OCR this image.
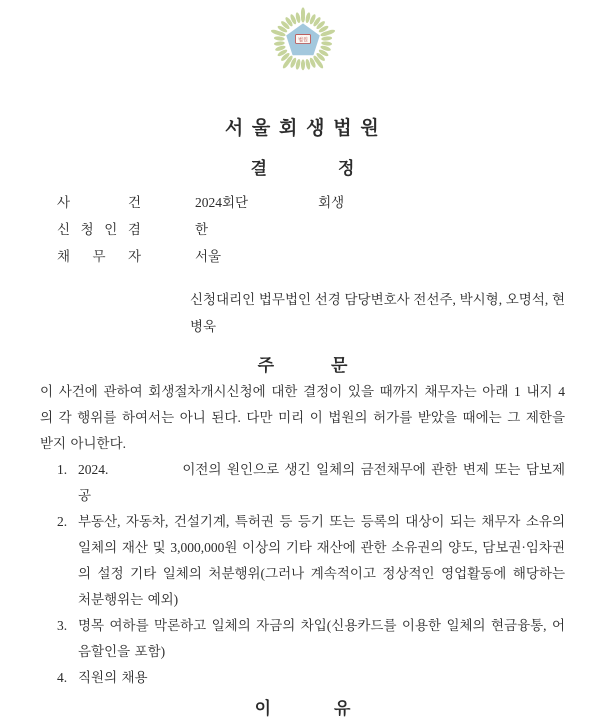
법원
서 울 회 생 법 원
결	정
사	건	2024회단	회생
신 청 인 겸	한
채 무 자	서울

신청대리인 법무법인 선경 담당변호사 전선주, 박시형, 오명석, 현병욱

주	문

이 사건에 관하여 회생절차개시신청에 대한 결정이 있을 때까지 채무자는 아래 1 내지 4 의 각 행위를 하여서는 아니 된다. 다만 미리 이 법원의 허가를 받았을 때에는 그 제한을 받지 아니한다.

1. 2024.	이전의 원인으로 생긴 일체의 금전채무에 관한 변제 또는 담보제공
2. 부동산, 자동차, 건설기계, 특허권 등 등기 또는 등록의 대상이 되는 채무자 소유의 일체의 재산 및 3,000,000원 이상의 기타 재산에 관한 소유권의 양도, 담보권·임차권의 설정 기타 일체의 처분행위(그러나 계속적이고 정상적인 영업활동에 해당하는 처분행위는 예외)
3. 명목 여하를 막론하고 일체의 자금의 차입(신용카드를 이용한 일체의 현금융통, 어음할인을 포함)
4. 직원의 채용
이	유
